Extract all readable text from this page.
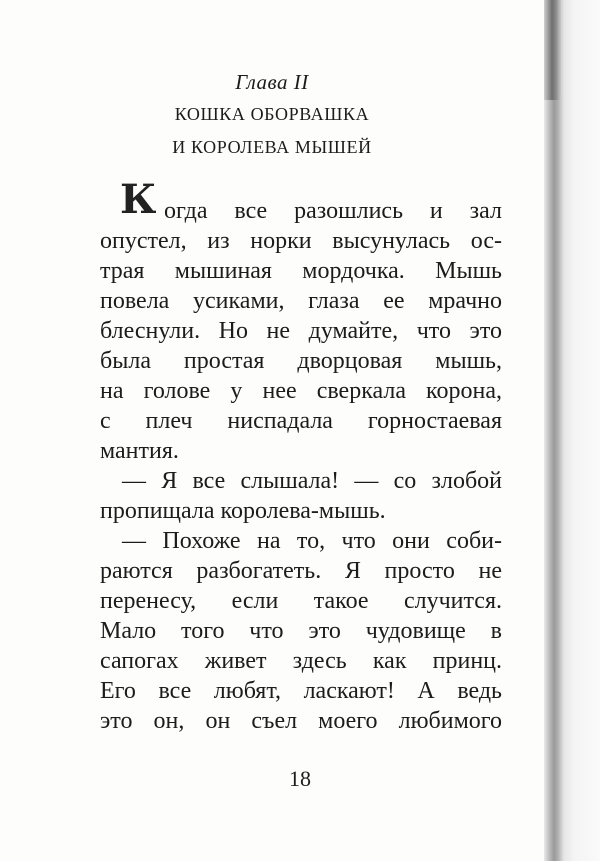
Глава II
КОШКА ОБОРВАШКА
И КОРОЛЕВА МЫШЕЙ
К огда все разошлись и зал
опустел, из норки высунулась ос-
трая мышиная мордочка. Мышь
повела усиками, глаза ее мрачно
блеснули. Но не думайте, что это
была простая дворцовая мышь,
на голове у нее сверкала корона,
с плеч ниспадала горностаевая
мантия.
— Я все слышала! — со злобой
пропищала королева-мышь.
— Похоже на то, что они соби-
раются разбогатеть. Я просто не
перенесу, если такое случится.
Мало того что это чудовище в
сапогах живет здесь как принц.
Его все любят, ласкают! А ведь
это он, он съел моего любимого
18
